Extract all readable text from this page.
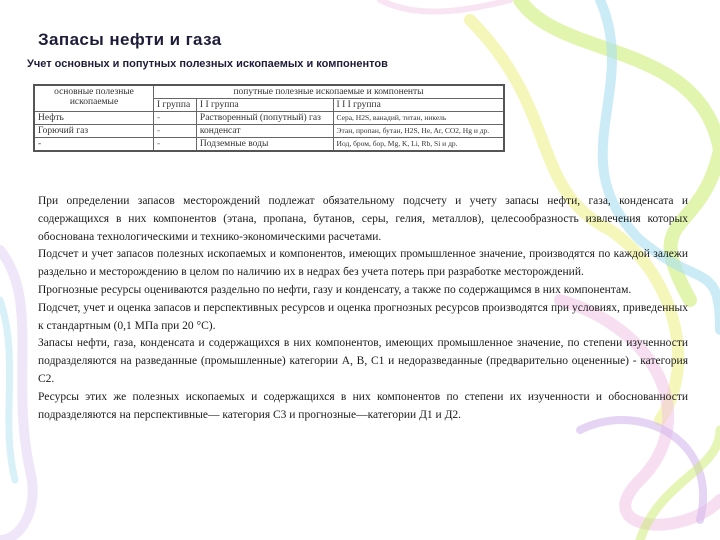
Запасы нефти и газа
Учет основных и попутных полезных ископаемых и компонентов
основные полезные ископаемые	попутные полезные ископаемые и компоненты		
	I группа	I I группа	I I I группа
Нефть	-	Растворенный (попутный) газ	Сера, H2S, ванадий, титан, никель
Горючий газ	-	конденсат	Этан, пропан, бутан, H2S, He, Ar, CO2, Hg и др.
-	-	Подземные воды	Иод, бром, бор, Mg, K, Li, Rb, Si и др.

При определении запасов месторождений подлежат обязательному подсчету и учету запасы нефти, газа, конденсата и содержащихся в них компонентов (этана, пропана, бутанов, серы, гелия, металлов), целесообразность извлечения которых обоснована технологическими и технико-экономическими расчетами.

Подсчет и учет запасов полезных ископаемых и компонентов, имеющих промышленное значение, производятся по каждой залежи раздельно и месторождению в целом по наличию их в недрах без учета потерь при разработке месторождений.

Прогнозные ресурсы оцениваются раздельно по нефти, газу и конденсату, а также по содержащимся в них компонентам.

Подсчет, учет и оценка запасов и перспективных ресурсов и оценка прогнозных ресурсов производятся при условиях, приведенных к стандартным (0,1 МПа при 20 °С).

Запасы нефти, газа, конденсата и содержащихся в них компонентов, имеющих промышленное значение, по степени изученности подразделяются на разведанные (промышленные) категории А, В, С1 и недоразведанные (предварительно оцененные) - категория С2.

Ресурсы этих же полезных ископаемых и содержащихся в них компонентов по степени их изученности и обоснованности подразделяются на перспективные— категория С3 и прогнозные—категории Д1 и Д2.
